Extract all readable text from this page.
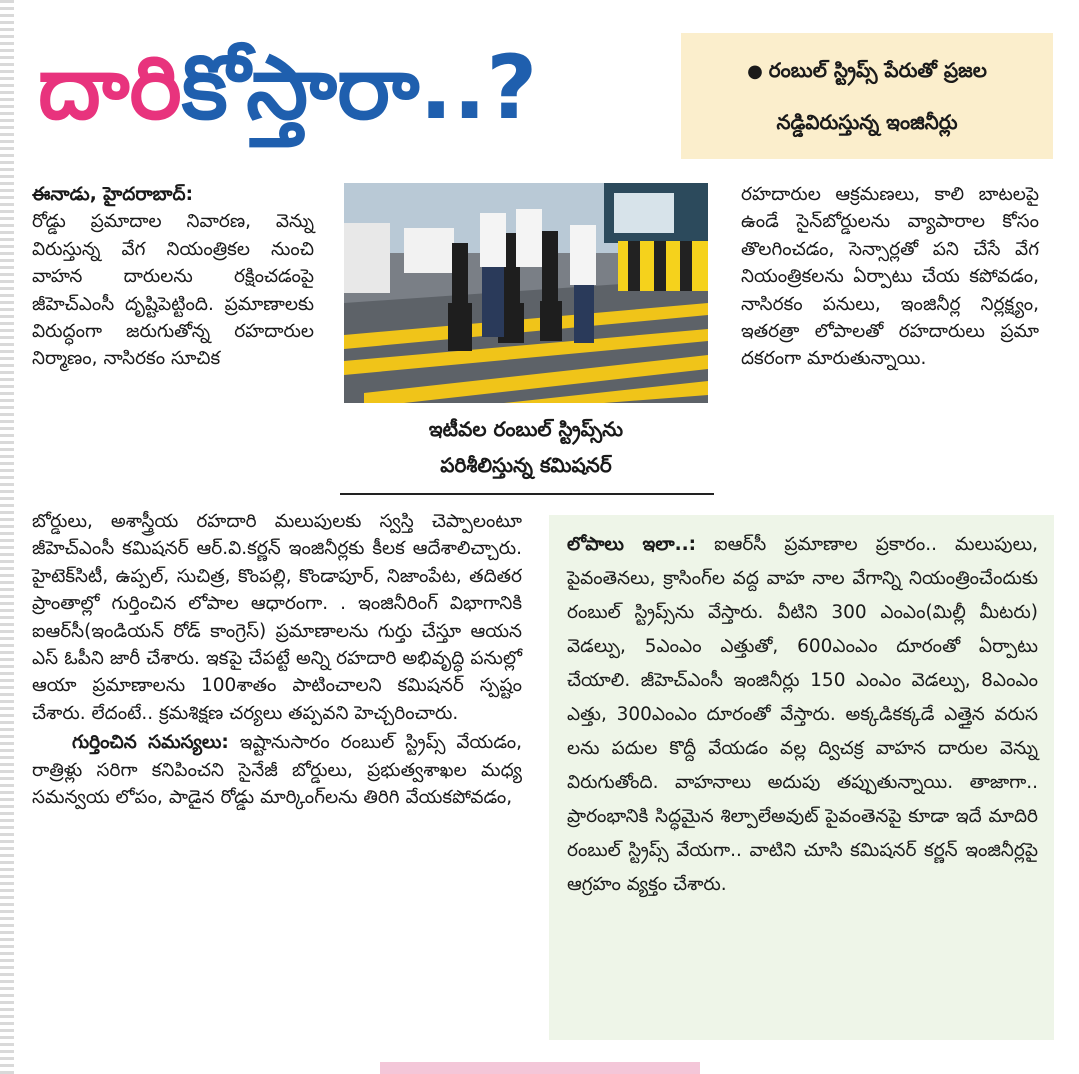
దారికోస్తారా..?	● రంబుల్ స్ట్రిప్స్ పేరుతో ప్రజల
నడ్డివిరుస్తున్న ఇంజినీర్లు

ఈనాడు, హైదరాబాద్:

రోడ్డు ప్రమాదాల నివారణ, వెన్ను విరుస్తున్న వేగ నియంత్రికల నుంచి వాహన దారులను రక్షించడంపై జీహెచ్ఎంసీ దృష్టిపెట్టింది. ప్రమాణాలకు విరుద్ధంగా జరుగుతోన్న రహదారుల నిర్మాణం, నాసిరకం సూచిక

ఇటీవల రంబుల్ స్ట్రిప్స్‌ను
పరిశీలిస్తున్న కమిషనర్

బోర్డులు, అశాస్త్రీయ రహదారి మలుపులకు స్వస్తి చెప్పాలంటూ జీహెచ్ఎంసీ కమిషనర్ ఆర్.వి.కర్ణన్ ఇంజినీర్లకు కీలక ఆదేశాలిచ్చారు. హైటెక్‌సిటీ, ఉప్పల్, సుచిత్ర, కొంపల్లి, కొండాపూర్, నిజాంపేట, తదితర ప్రాంతాల్లో గుర్తించిన లోపాల ఆధారంగా. . ఇంజినీరింగ్ విభాగానికి ఐఆర్‌సీ(ఇండియన్ రోడ్ కాంగ్రెస్) ప్రమాణాలను గుర్తు చేస్తూ ఆయన ఎస్ ఓపీని జారీ చేశారు. ఇకపై చేపట్టే అన్ని రహదారి అభివృద్ధి పనుల్లో ఆయా ప్రమాణాలను 100శాతం పాటించాలని కమిషనర్ స్పష్టం చేశారు. లేదంటే.. క్రమశిక్షణ చర్యలు తప్పవని హెచ్చరించారు.

గుర్తించిన సమస్యలు: ఇష్టానుసారం రంబుల్ స్ట్రిప్స్ వేయడం, రాత్రిళ్లు సరిగా కనిపించని సైనేజీ బోర్డులు, ప్రభుత్వశాఖల మధ్య సమన్వయ లోపం, పాడైన రోడ్డు మార్కింగ్‌లను తిరిగి వేయకపోవడం,

రహదారుల ఆక్రమణలు, కాలి బాటలపై ఉండే సైన్‌బోర్డులను వ్యాపారాల కోసం తొలగించడం, సెన్సార్లతో పని చేసే వేగ నియంత్రికలను ఏర్పాటు చేయ కపోవడం, నాసిరకం పనులు, ఇంజినీర్ల నిర్లక్ష్యం, ఇతరత్రా లోపాలతో రహదారులు ప్రమా దకరంగా మారుతున్నాయి.

లోపాలు ఇలా..: ఐఆర్‌సీ ప్రమాణాల ప్రకారం.. మలుపులు, పైవంతెనలు, క్రాసింగ్‌ల వద్ద వాహ నాల వేగాన్ని నియంత్రించేందుకు రంబుల్ స్ట్రిప్స్‌ను వేస్తారు. వీటిని 300 ఎంఎం(మిల్లీ మీటరు) వెడల్పు, 5ఎంఎం ఎత్తుతో, 600ఎంఎం దూరంతో ఏర్పాటు చేయాలి. జీహెచ్ఎంసీ ఇంజినీర్లు 150 ఎంఎం వెడల్పు, 8ఎంఎం ఎత్తు, 300ఎంఎం దూరంతో వేస్తారు. అక్కడికక్కడే ఎత్తైన వరుస లను పదుల కొద్దీ వేయడం వల్ల ద్విచక్ర వాహన దారుల వెన్ను విరుగుతోంది. వాహనాలు అదుపు తప్పుతున్నాయి. తాజాగా.. ప్రారంభానికి సిద్ధమైన శిల్పాలేఅవుట్ పైవంతెనపై కూడా ఇదే మాదిరి రంబుల్ స్ట్రిప్స్ వేయగా.. వాటిని చూసి కమిషనర్ కర్ణన్ ఇంజినీర్లపై ఆగ్రహం వ్యక్తం చేశారు.
